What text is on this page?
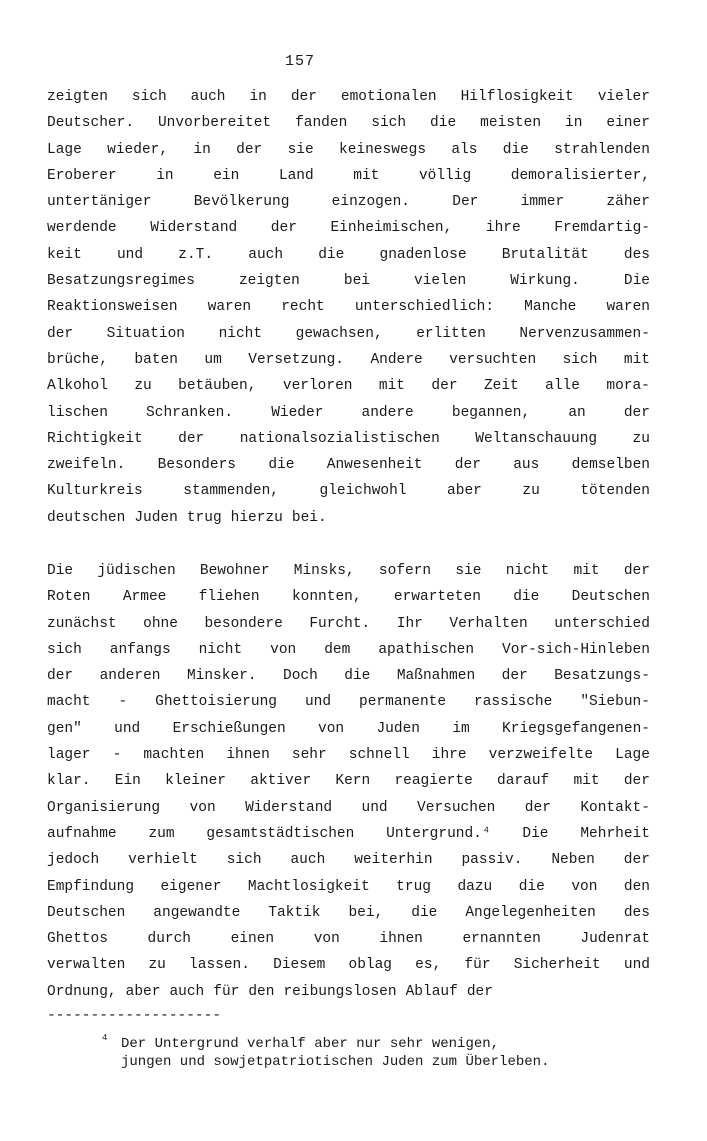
157
zeigten sich auch in der emotionalen Hilflosigkeit vieler
Deutscher. Unvorbereitet fanden sich die meisten in einer
Lage wieder, in der sie keineswegs als die strahlenden
Eroberer	in	ein	Land	mit	völlig	demoralisierter,
untertäniger	Bevölkerung	einzogen.	Der	immer	zäher
werdende Widerstand der Einheimischen, ihre Fremdartig-
keit und z.T. auch die gnadenlose Brutalität des
Besatzungsregimes	zeigten	bei	vielen	Wirkung.	Die
Reaktionsweisen waren recht unterschiedlich: Manche waren
der Situation nicht gewachsen, erlitten Nervenzusammen-
brüche, baten um Versetzung. Andere versuchten sich mit
Alkohol zu betäuben, verloren mit der Zeit alle mora-
lischen	Schranken.	Wieder	andere	begannen,	an	der
Richtigkeit der nationalsozialistischen Weltanschauung zu
zweifeln. Besonders die Anwesenheit der aus demselben
Kulturkreis	stammenden,	gleichwohl	aber	zu	tötenden
deutschen Juden trug hierzu bei.
Die jüdischen Bewohner Minsks, sofern sie nicht mit der
Roten Armee fliehen konnten, erwarteten die Deutschen
zunächst ohne besondere Furcht. Ihr Verhalten unterschied
sich anfangs nicht von dem apathischen Vor-sich-Hinleben
der anderen Minsker. Doch die Maßnahmen der Besatzungs-
macht - Ghettoisierung und permanente rassische "Siebun-
gen" und Erschießungen von Juden im Kriegsgefangenen-
lager - machten ihnen sehr schnell ihre verzweifelte Lage
klar. Ein kleiner aktiver Kern reagierte darauf mit der
Organisierung von Widerstand und Versuchen der Kontakt-
aufnahme zum gesamtstädtischen Untergrund.⁴ Die Mehrheit
jedoch verhielt sich auch weiterhin passiv. Neben der
Empfindung eigener Machtlosigkeit trug dazu die von den
Deutschen angewandte Taktik bei, die Angelegenheiten des
Ghettos	durch	einen	von	ihnen	ernannten	Judenrat
verwalten zu lassen. Diesem oblag es, für Sicherheit und
Ordnung, aber auch für den reibungslosen Ablauf der
--------------------
4 Der Untergrund verhalf aber nur sehr wenigen,
jungen und sowjetpatriotischen Juden zum Überleben.
